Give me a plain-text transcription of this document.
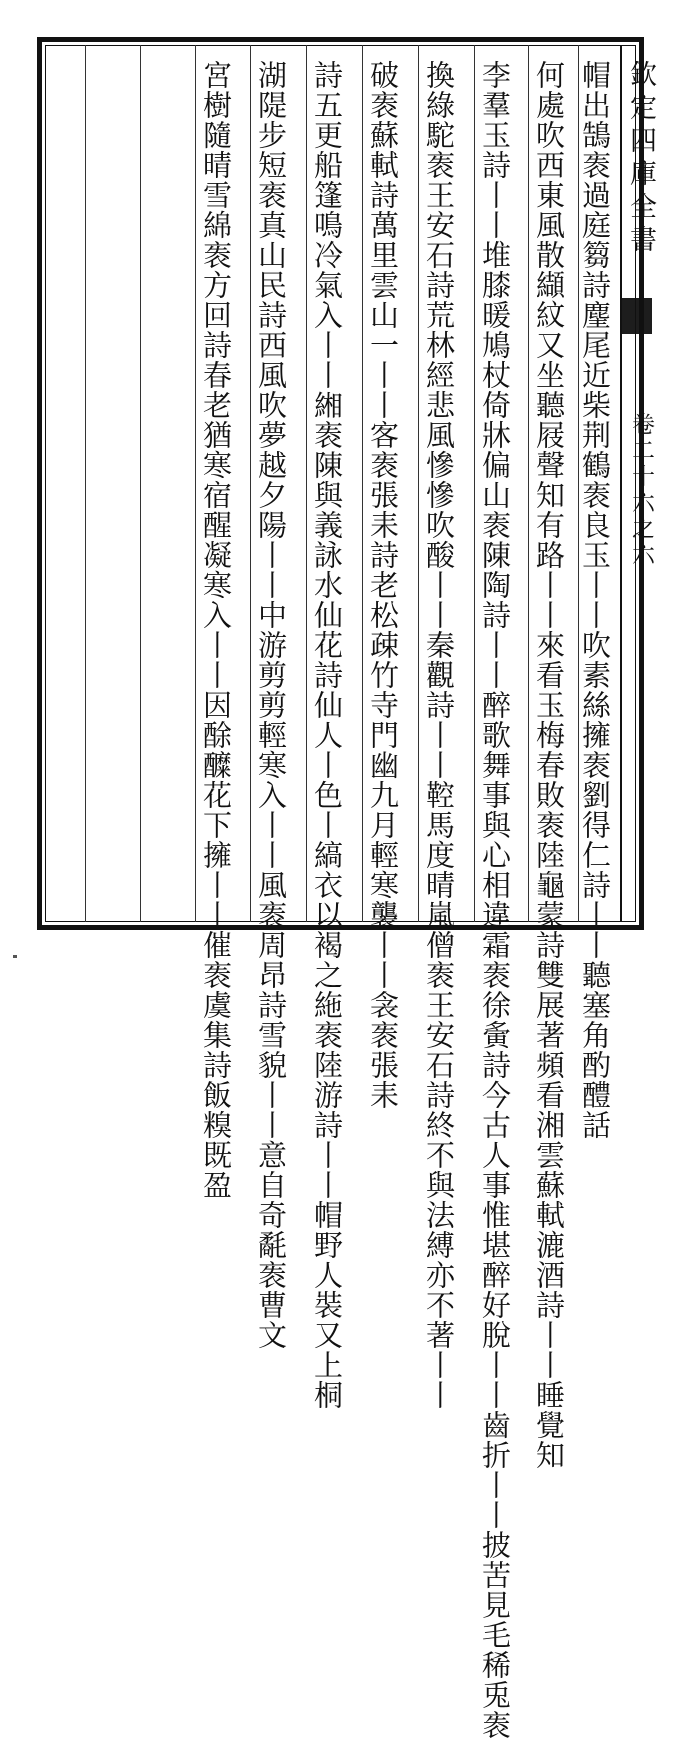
欽定四庫全書
卷二十六之六
帽出鵠袠過庭篘詩麈尾近柴荆鶴袠良玉丨丨吹素絲擁袠劉得仁詩丨丨聽塞角酌醴話
何處吹西東風散纈紋又坐聽屐聲知有路丨丨來看玉梅春敗袠陸龜蒙詩雙展著頻看湘雲蘇軾漉酒詩丨丨睡覺知
李羣玉詩丨丨堆膝暖鳩杖倚牀偏山袠陳陶詩丨丨醉歌舞事與心相違霜袠徐夤詩今古人事惟堪醉好脫丨丨齒折丨丨披苦見毛稀兎袠
換綠駝袠王安石詩荒林經悲風慘慘吹酸丨丨秦觀詩丨丨鞚馬度晴嵐僧袠王安石詩終不與法縛亦不著丨丨
破袠蘇軾詩萬里雲山一丨丨客袠張耒詩老松疎竹寺門幽九月輕寒襲丨丨衾袠張耒
詩五更船篷鳴冷氣入丨丨緗袠陳與義詠水仙花詩仙人丨色丨縞衣以褐之絁袠陸游詩丨丨帽野人裝又上桐
湖隄步短袠真山民詩西風吹夢越夕陽丨丨中游剪剪輕寒入丨丨風袠周昂詩雪貌丨丨意自奇氄袠曹文
宮樹隨晴雪綿袠方回詩春老猶寒宿醒凝寒入丨丨因酴醾花下擁丨丨催袠虞集詩飯糗既盈
